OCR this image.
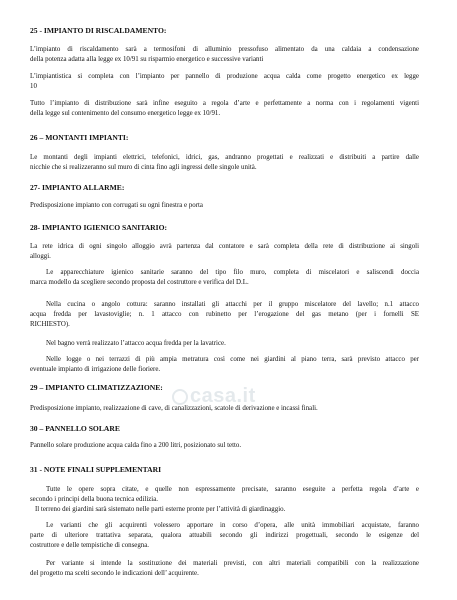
casa.it

25 - IMPIANTO DI RISCALDAMENTO:

L’impianto di riscaldamento sarà a termosifoni di alluminio pressofuso alimentato da una caldaia a condensazione

della potenza adatta alla legge ex 10/91 su risparmio energetico e successive varianti

L’impiantistica si completa con l’impianto per pannello di produzione acqua calda come progetto energetico ex legge

10

Tutto l’impianto di distribuzione sarà infine eseguito a regola d’arte e perfettamente a norma con i regolamenti vigenti

della legge sul contenimento del consumo energetico legge ex 10/91.

26 – MONTANTI IMPIANTI:

Le montanti degli impianti elettrici, telefonici, idrici, gas, andranno progettati e realizzati e distribuiti a partire dalle

nicchie che si realizzeranno sul muro di cinta fino agli ingressi delle singole unità.

27- IMPIANTO ALLARME:

Predisposizione impianto con corrugati su ogni finestra e porta

28- IMPIANTO IGIENICO SANITARIO:

La rete idrica di ogni singolo alloggio avrà partenza dal contatore e sarà completa della rete di distribuzione ai singoli

alloggi.

Le apparecchiature igienico sanitarie saranno del tipo filo muro, completa di miscelatori e saliscendi doccia

marca modello da scegliere secondo proposta del costruttore e verifica del D.L.

Nella cucina o angolo cottura: saranno installati gli attacchi per il gruppo miscelatore del lavello; n.1 attacco

acqua fredda per lavastoviglie; n. 1 attacco con rubinetto per l’erogazione del gas metano (per i fornelli SE

RICHIESTO).

Nel bagno verrà realizzato l’attacco acqua fredda per la lavatrice.

Nelle logge o nei terrazzi di più ampia metratura così come nei giardini al piano terra, sarà previsto attacco per

eventuale impianto di irrigazione delle fioriere.

29 – IMPIANTO CLIMATIZZAZIONE:

Predisposizione impianto, realizzazione di cave, di canalizzazioni, scatole di derivazione e incassi finali.

30 – PANNELLO SOLARE

Pannello solare produzione acqua calda fino a 200 litri, posizionato sul tetto.

31 - NOTE FINALI SUPPLEMENTARI

Tutte le opere sopra citate, e quelle non espressamente precisate, saranno eseguite a perfetta regola d’arte e

secondo i principi della buona tecnica edilizia.

Il terreno dei giardini sarà sistemato nelle parti esterne pronte per l’attività di giardinaggio.

Le varianti che gli acquirenti volessero apportare in corso d’opera, alle unità immobiliari acquistate, faranno

parte di ulteriore trattativa separata, qualora attuabili secondo gli indirizzi progettuali, secondo le esigenze del

costruttore e delle tempistiche di consegna.

Per variante si intende la sostituzione dei materiali previsti, con altri materiali compatibili con la realizzazione

del progetto ma scelti secondo le indicazioni dell’ acquirente.
